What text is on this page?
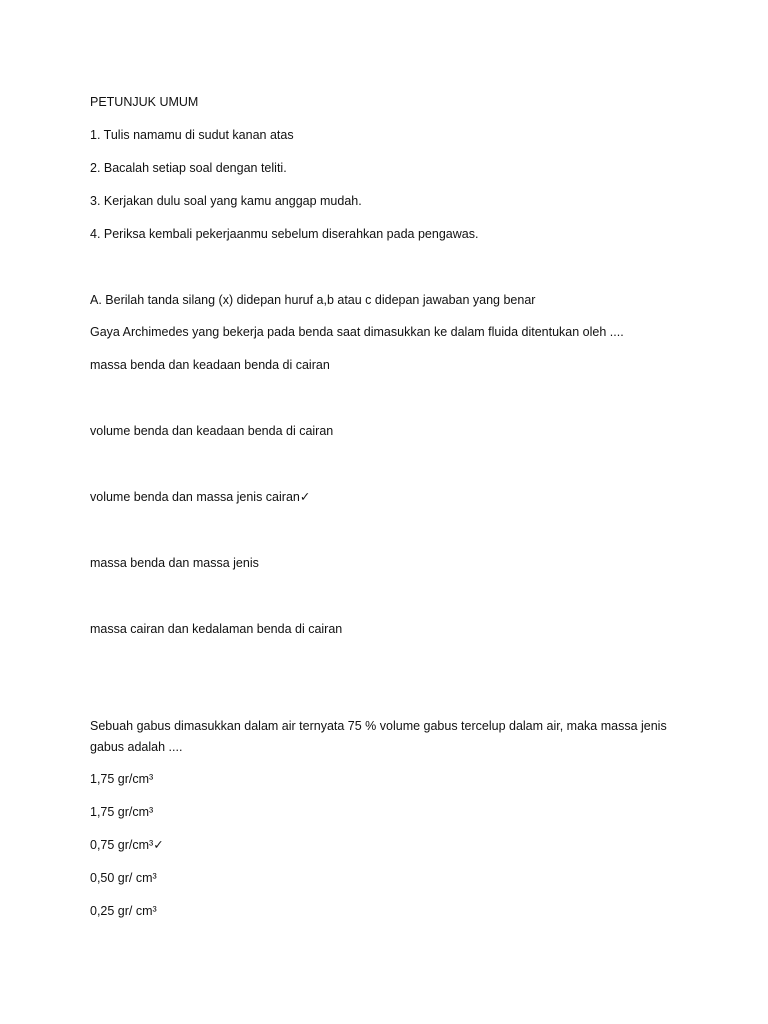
PETUNJUK UMUM
1. Tulis namamu di sudut kanan atas
2. Bacalah setiap soal dengan teliti.
3. Kerjakan dulu soal yang kamu anggap mudah.
4. Periksa kembali pekerjaanmu sebelum diserahkan pada pengawas.
A. Berilah tanda silang (x) didepan huruf a,b atau c didepan jawaban yang benar
Gaya Archimedes yang bekerja pada benda saat dimasukkan ke dalam fluida ditentukan oleh ....
massa benda dan keadaan benda di cairan
volume benda dan keadaan benda di cairan
volume benda dan massa jenis cairan✓
massa benda dan massa jenis
massa cairan dan kedalaman benda di cairan
Sebuah gabus dimasukkan dalam air ternyata 75 % volume gabus tercelup dalam air, maka massa jenis gabus adalah ....
1,75 gr/cm³
1,75 gr/cm³
0,75 gr/cm³✓
0,50 gr/ cm³
0,25 gr/ cm³
